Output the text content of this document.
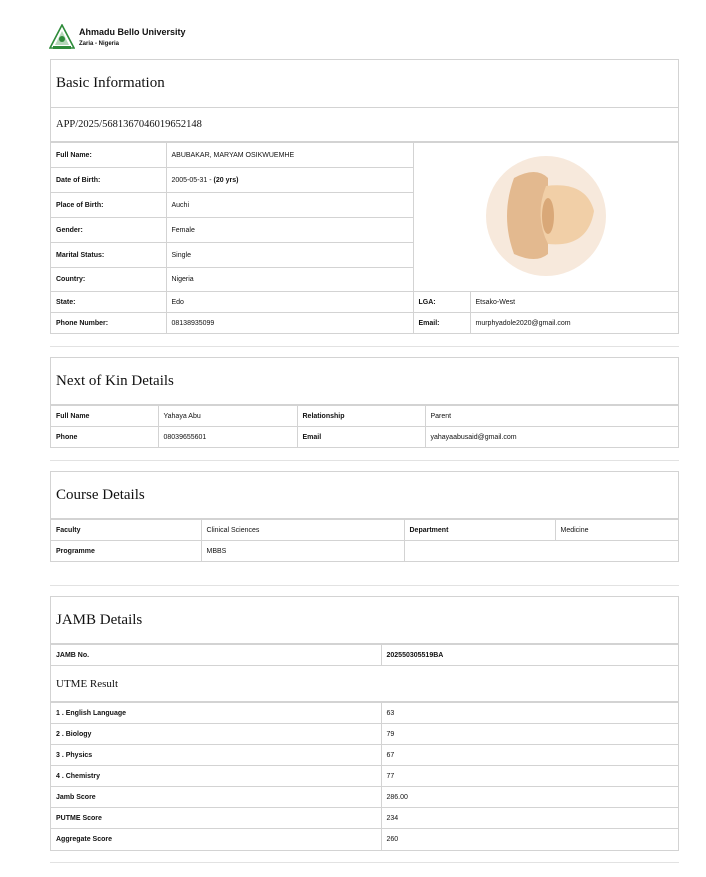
Ahmadu Bello University
Zaria - Nigeria
Basic Information
APP/2025/5681367046019652148
Full Name:	ABUBAKAR, MARYAM OSIKWUEMHE	
Date of Birth:	2005-05-31 - (20 yrs)		
Place of Birth:	Auchi		
Gender:	Female		
Marital Status:	Single		
Country:	Nigeria		
State:	Edo	LGA:	Etsako-West
Phone Number:	08138935099	Email:	murphyadole2020@gmail.com
Next of Kin Details
Full Name	Yahaya Abu	Relationship	Parent
Phone	08039655601	Email	yahayaabusaid@gmail.com
Course Details
Faculty	Clinical Sciences	Department	Medicine
Programme	MBBS		
JAMB Details
JAMB No.	202550305519BA
UTME Result
1 . English Language	63
2 . Biology	79
3 . Physics	67
4 . Chemistry	77
Jamb Score	286.00
PUTME Score	234
Aggregate Score	260
